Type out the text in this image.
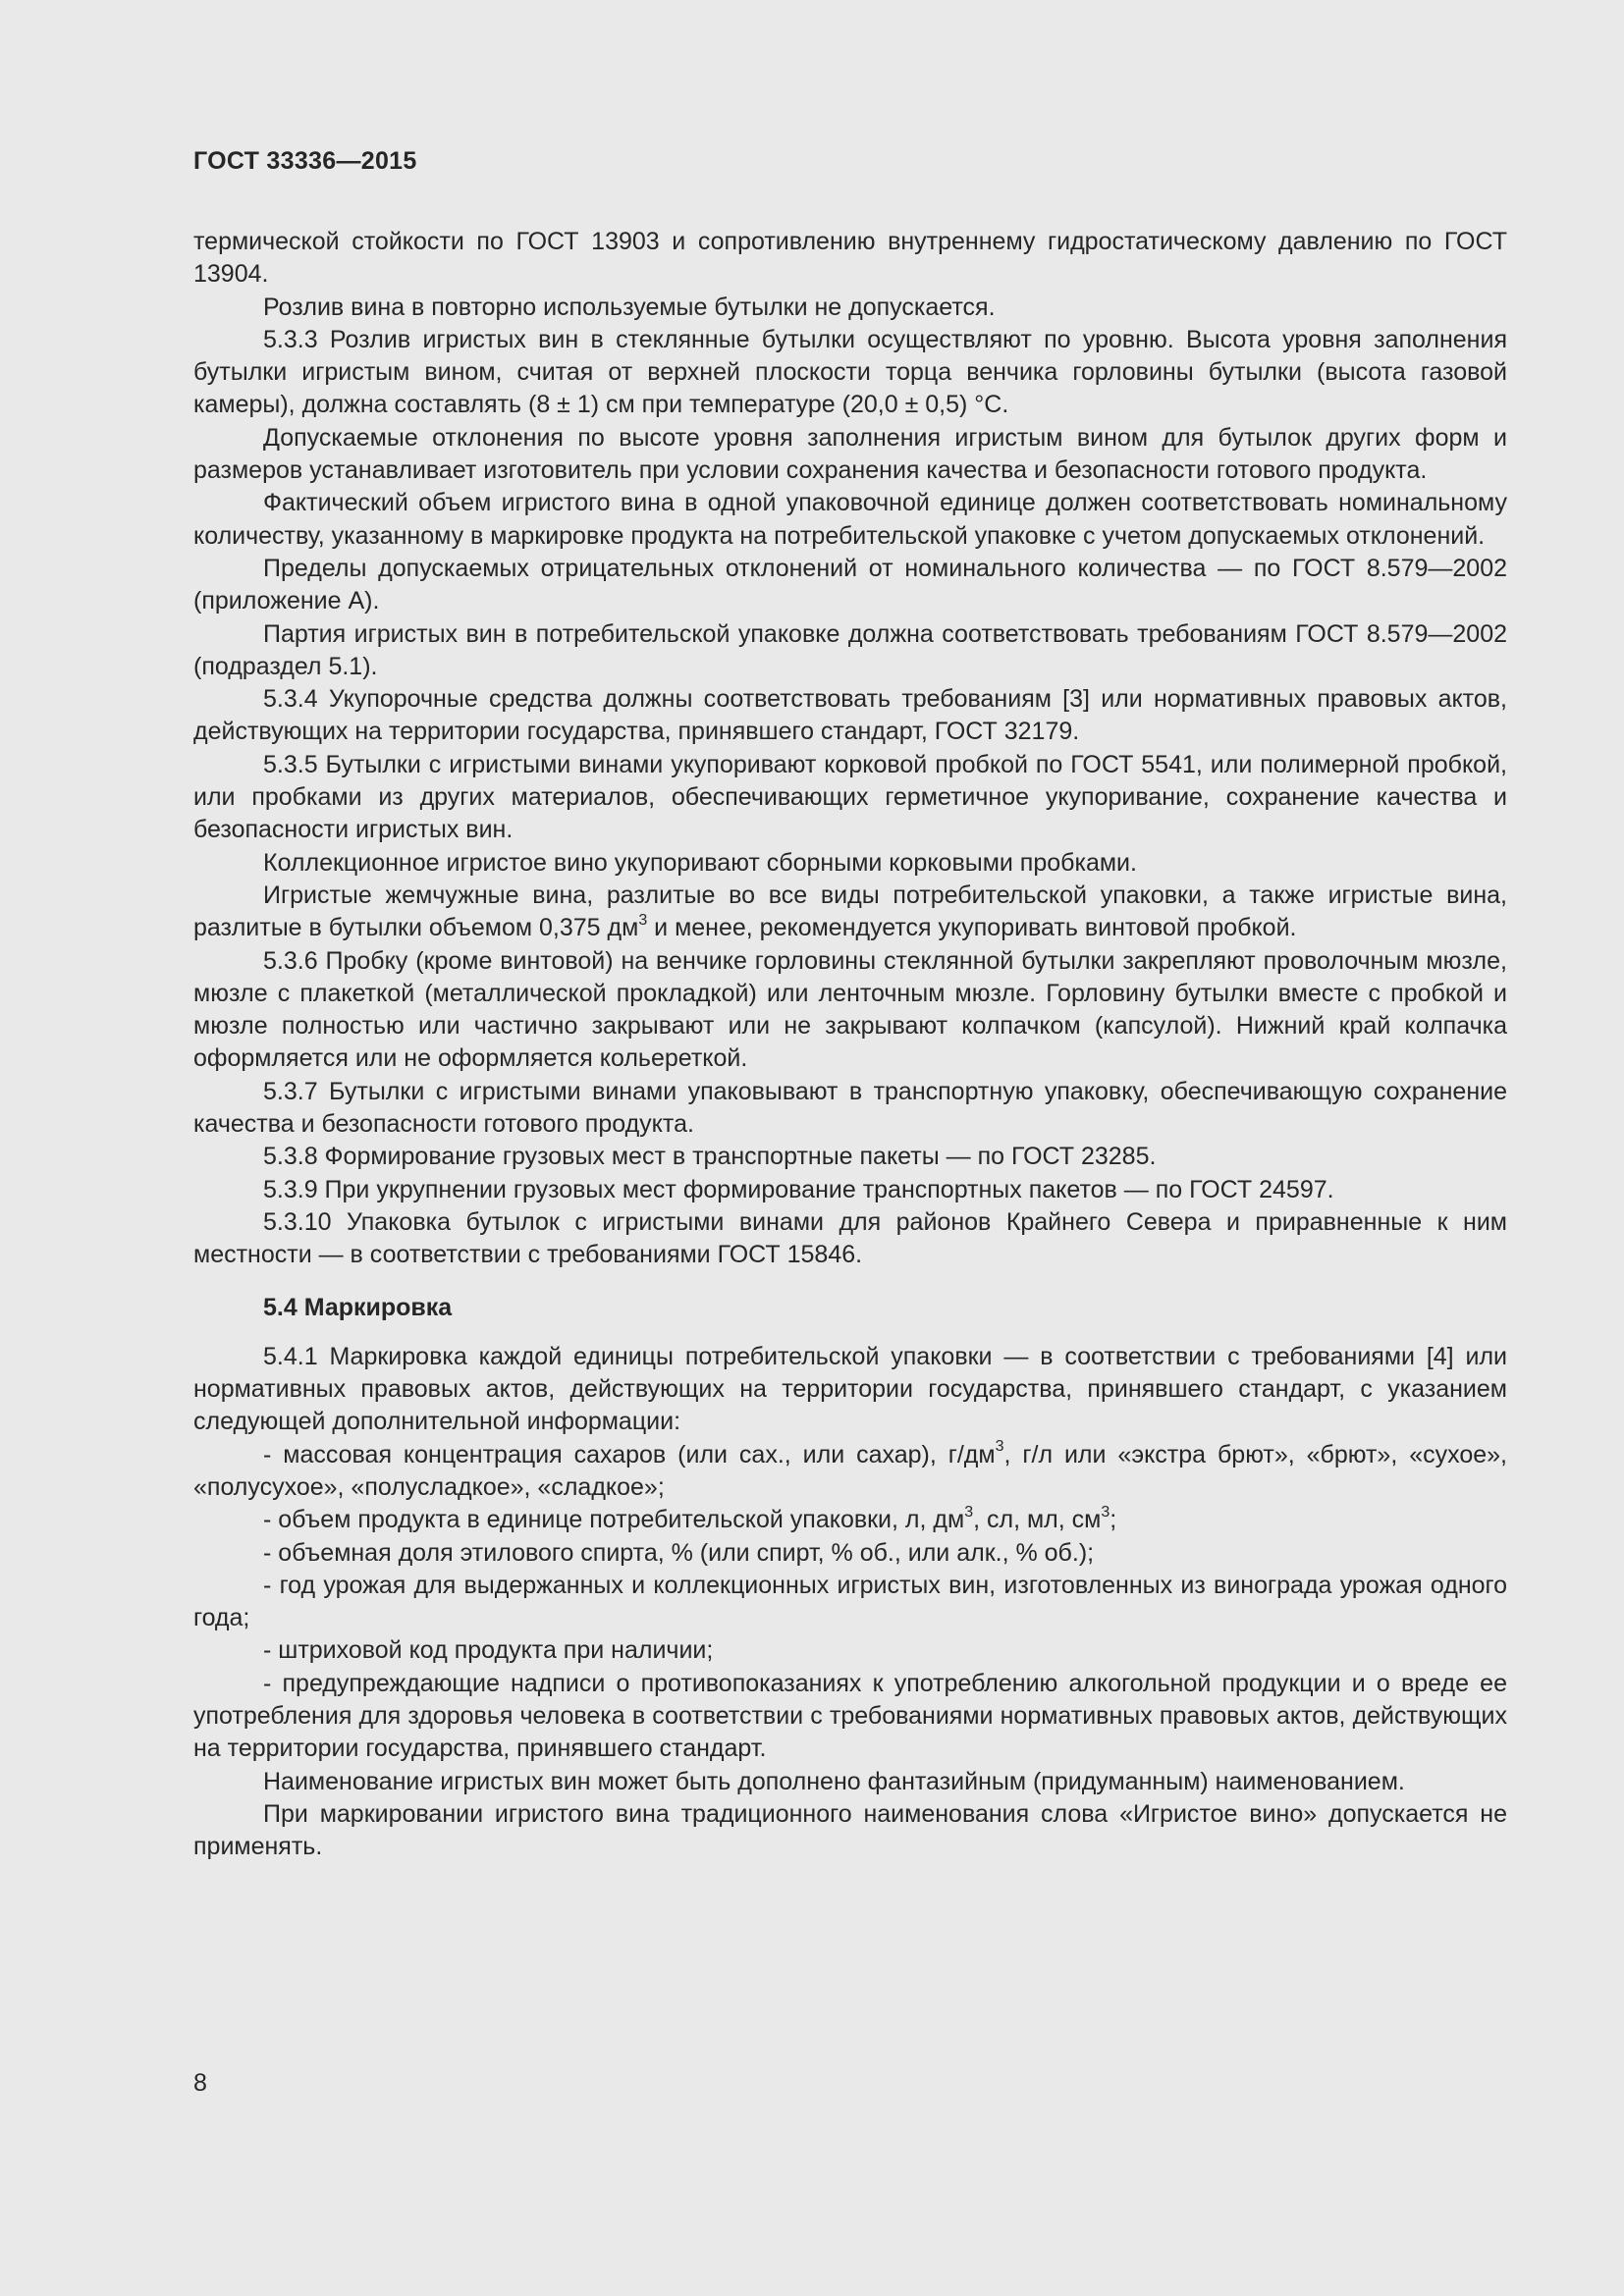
ГОСТ 33336—2015

термической стойкости по ГОСТ 13903 и сопротивлению внутреннему гидростатическому давлению по ГОСТ 13904.

Розлив вина в повторно используемые бутылки не допускается.

5.3.3 Розлив игристых вин в стеклянные бутылки осуществляют по уровню. Высота уровня заполнения бутылки игристым вином, считая от верхней плоскости торца венчика горловины бутылки (высота газовой камеры), должна составлять (8 ± 1) см при температуре (20,0 ± 0,5) °С.

Допускаемые отклонения по высоте уровня заполнения игристым вином для бутылок других форм и размеров устанавливает изготовитель при условии сохранения качества и безопасности готового продукта.

Фактический объем игристого вина в одной упаковочной единице должен соответствовать номинальному количеству, указанному в маркировке продукта на потребительской упаковке с учетом допускаемых отклонений.

Пределы допускаемых отрицательных отклонений от номинального количества — по ГОСТ 8.579—2002 (приложение А).

Партия игристых вин в потребительской упаковке должна соответствовать требованиям ГОСТ 8.579—2002 (подраздел 5.1).

5.3.4 Укупорочные средства должны соответствовать требованиям [3] или нормативных правовых актов, действующих на территории государства, принявшего стандарт, ГОСТ 32179.

5.3.5 Бутылки с игристыми винами укупоривают корковой пробкой по ГОСТ 5541, или полимерной пробкой, или пробками из других материалов, обеспечивающих герметичное укупоривание, сохранение качества и безопасности игристых вин.

Коллекционное игристое вино укупоривают сборными корковыми пробками.

Игристые жемчужные вина, разлитые во все виды потребительской упаковки, а также игристые вина, разлитые в бутылки объемом 0,375 $дм^3$ и менее, рекомендуется укупоривать винтовой пробкой.

5.3.6 Пробку (кроме винтовой) на венчике горловины стеклянной бутылки закрепляют проволочным мюзле, мюзле с плакеткой (металлической прокладкой) или ленточным мюзле. Горловину бутылки вместе с пробкой и мюзле полностью или частично закрывают или не закрывают колпачком (капсулой). Нижний край колпачка оформляется или не оформляется кольереткой.

5.3.7 Бутылки с игристыми винами упаковывают в транспортную упаковку, обеспечивающую сохранение качества и безопасности готового продукта.

5.3.8 Формирование грузовых мест в транспортные пакеты — по ГОСТ 23285.

5.3.9 При укрупнении грузовых мест формирование транспортных пакетов — по ГОСТ 24597.

5.3.10 Упаковка бутылок с игристыми винами для районов Крайнего Севера и приравненные к ним местности — в соответствии с требованиями ГОСТ 15846.

5.4 Маркировка

5.4.1 Маркировка каждой единицы потребительской упаковки — в соответствии с требованиями [4] или нормативных правовых актов, действующих на территории государства, принявшего стандарт, с указанием следующей дополнительной информации:

- массовая концентрация сахаров (или сах., или сахар), $г/дм^3$, г/л или «экстра брют», «брют», «сухое», «полусухое», «полусладкое», «сладкое»;

- объем продукта в единице потребительской упаковки, л, $дм^3$, сл, мл, $см^3$;

- объемная доля этилового спирта, % (или спирт, % об., или алк., % об.);

- год урожая для выдержанных и коллекционных игристых вин, изготовленных из винограда урожая одного года;

- штриховой код продукта при наличии;

- предупреждающие надписи о противопоказаниях к употреблению алкогольной продукции и о вреде ее употребления для здоровья человека в соответствии с требованиями нормативных правовых актов, действующих на территории государства, принявшего стандарт.

Наименование игристых вин может быть дополнено фантазийным (придуманным) наименованием.

При маркировании игристого вина традиционного наименования слова «Игристое вино» допускается не применять.

8
